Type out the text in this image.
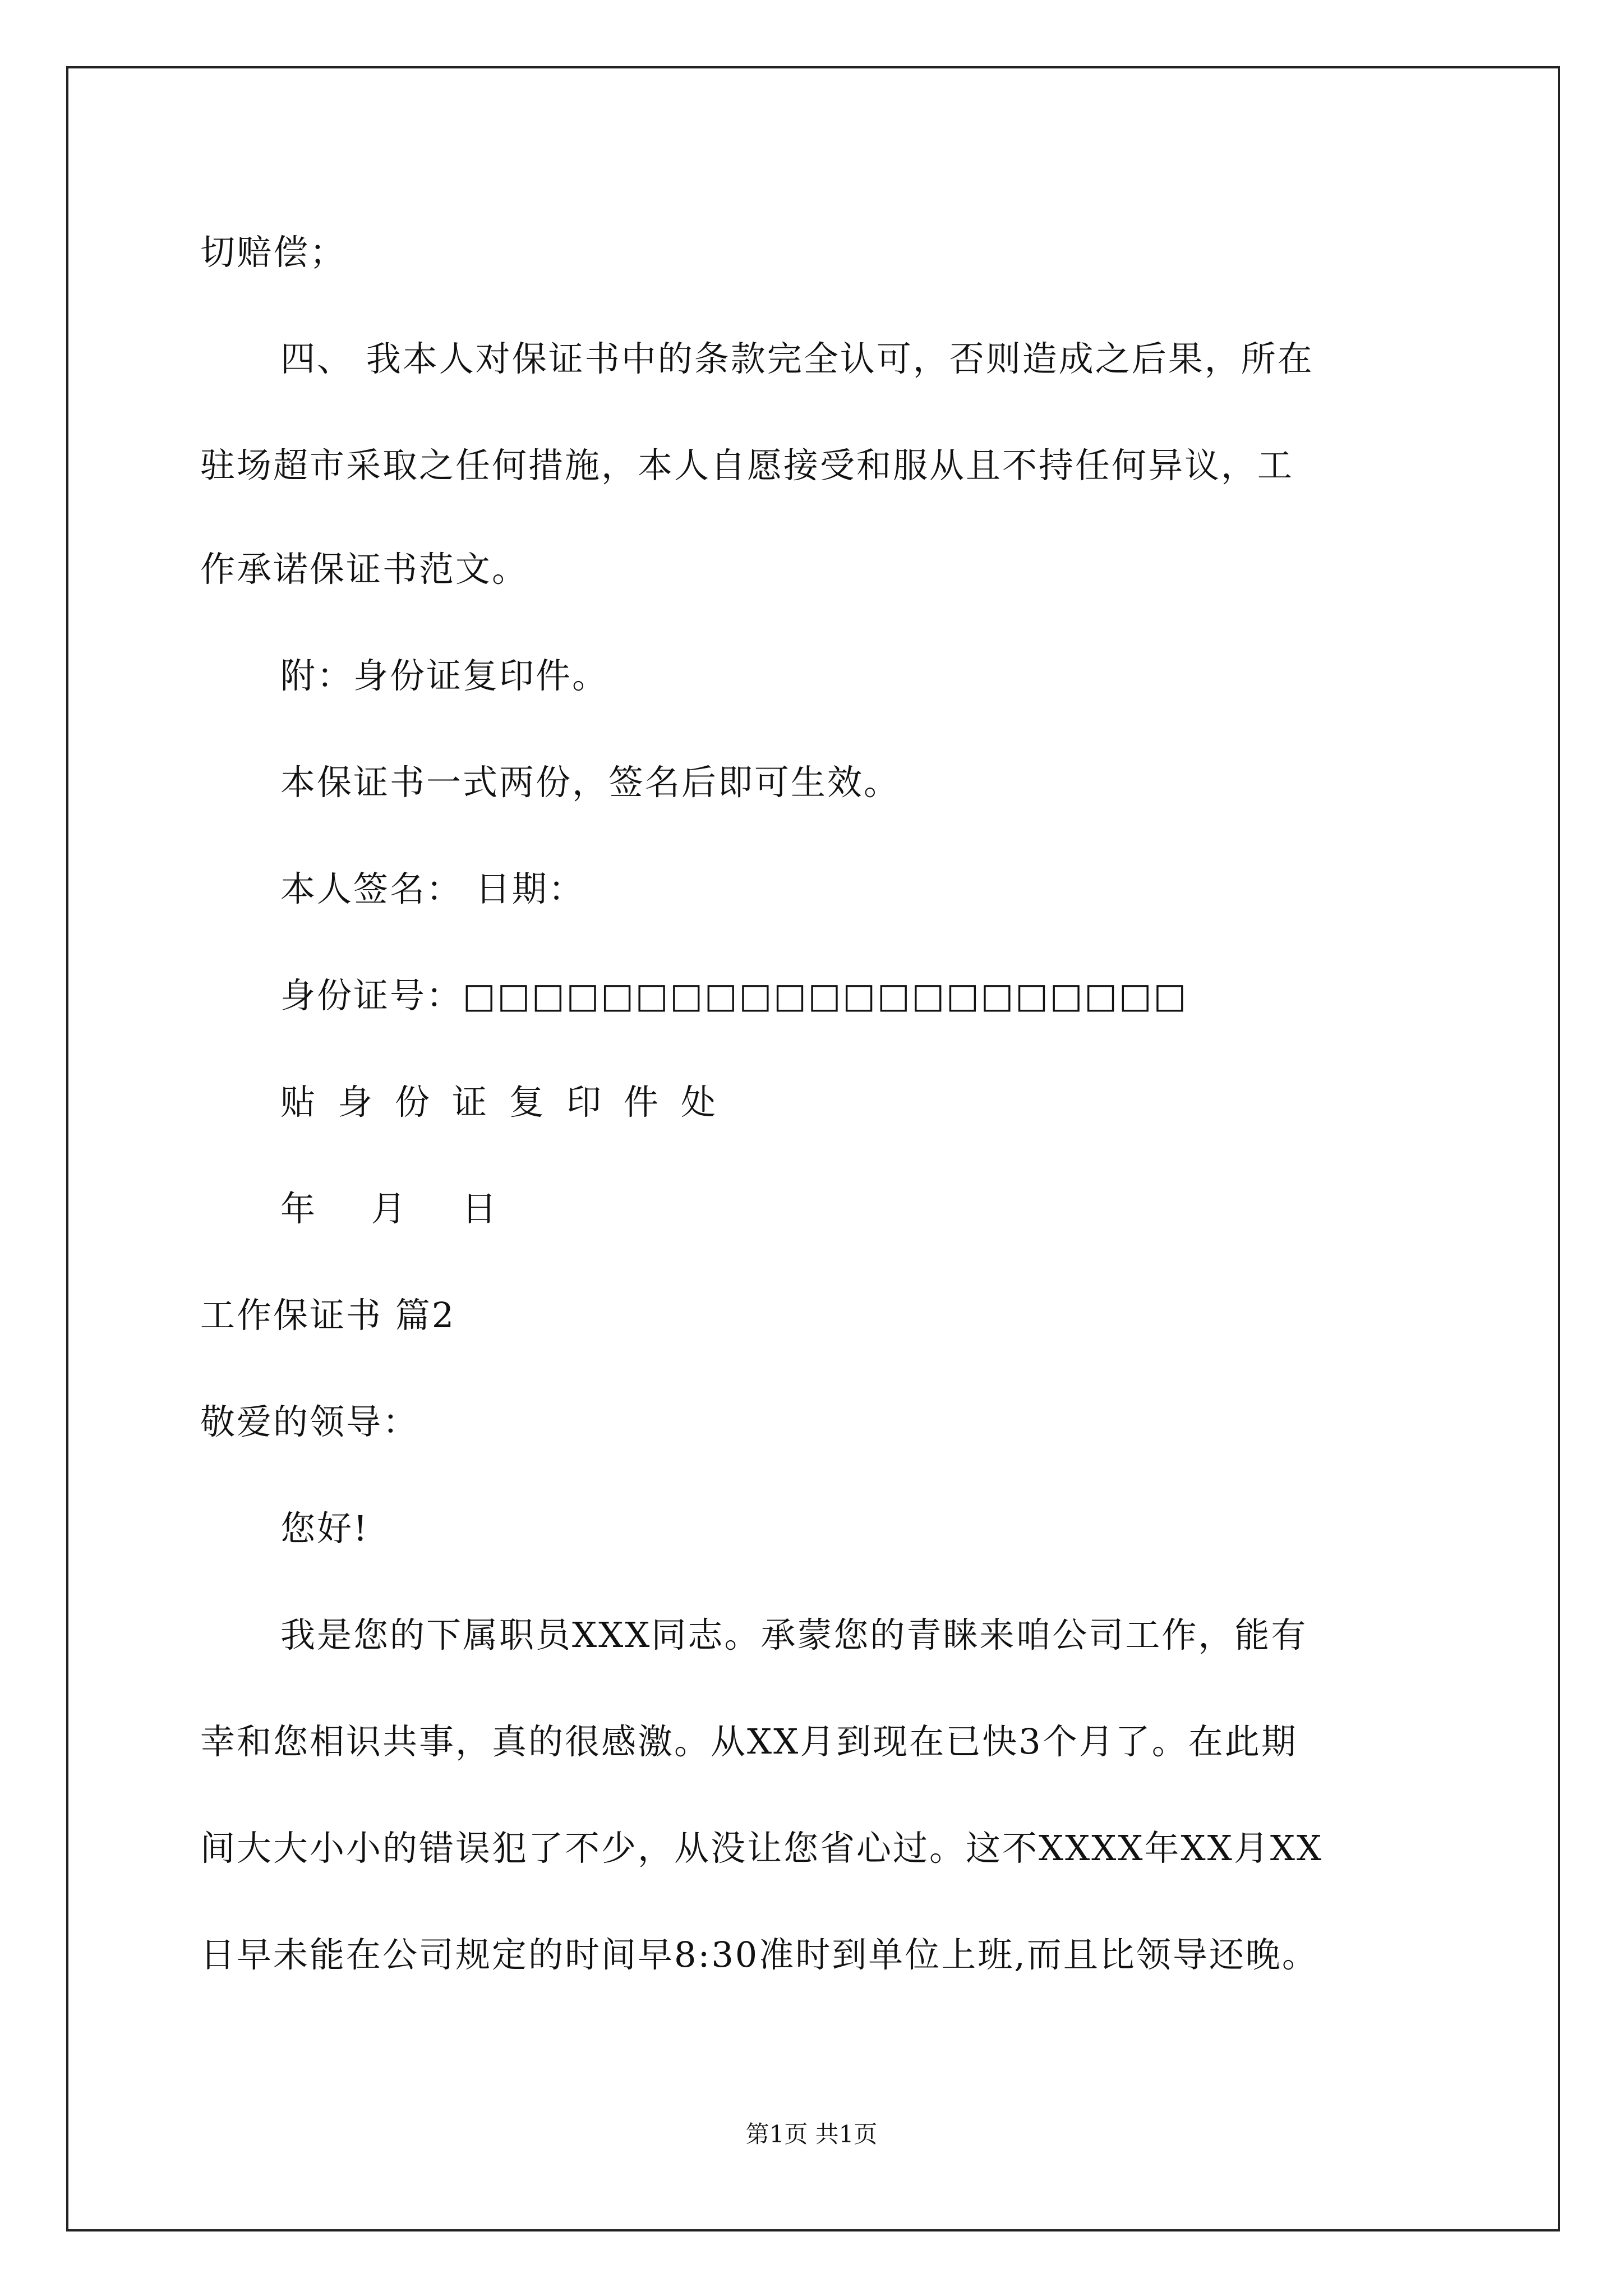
切赔偿；
四、 我本人对保证书中的条款完全认可，否则造成之后果，所在
驻场超市采取之任何措施，本人自愿接受和服从且不持任何异议，工
作承诺保证书范文。
附：身份证复印件。
本保证书一式两份，签名后即可生效。
本人签名： 日期：
身份证号：□□□□□□□□□□□□□□□□□□□□□
贴身份证复印件处
年 月 日
工作保证书 篇2
敬爱的领导：
您好!
我是您的下属职员XXX同志。承蒙您的青睐来咱公司工作，能有
幸和您相识共事，真的很感激。从XX月到现在已快3个月了。在此期
间大大小小的错误犯了不少，从没让您省心过。这不XXXX年XX月XX
日早未能在公司规定的时间早8:30准时到单位上班,而且比领导还晚。
第1页 共1页
